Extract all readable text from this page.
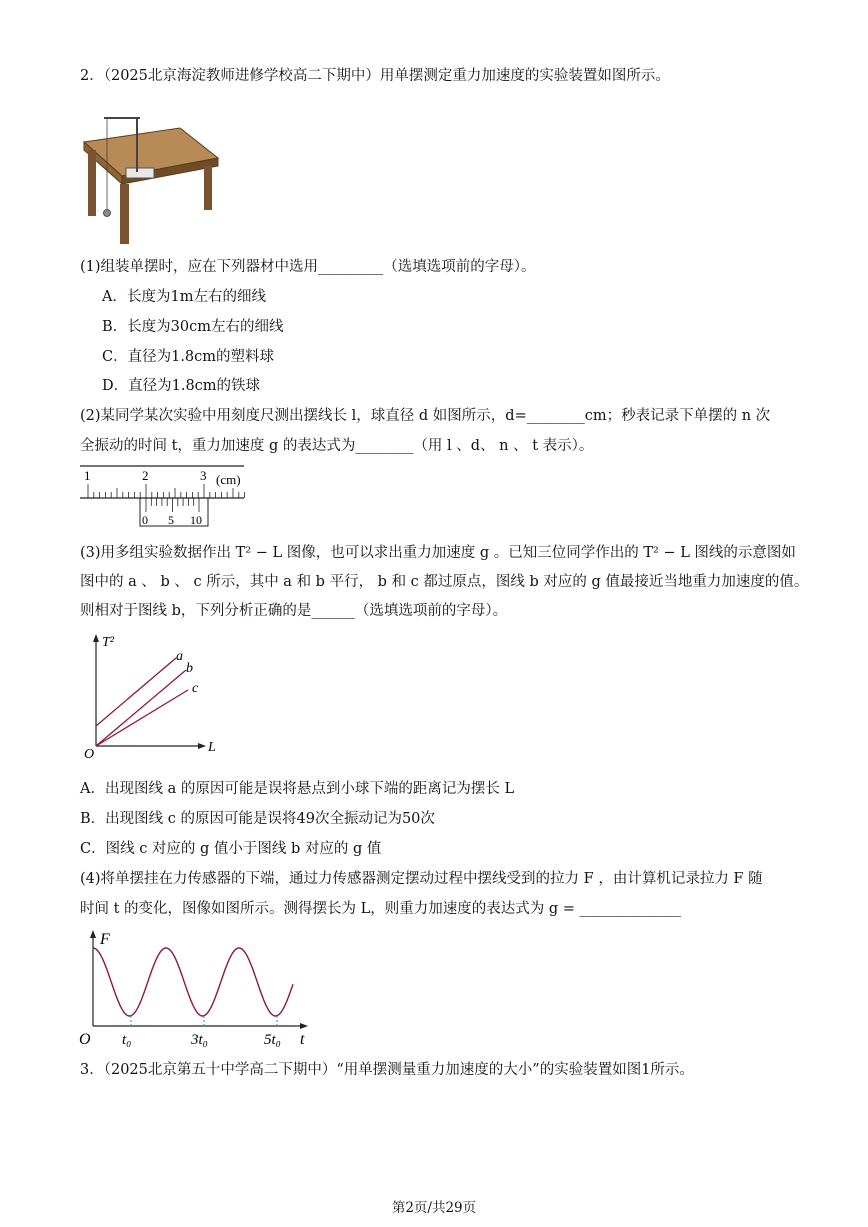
2．（2025北京海淀教师进修学校高二下期中）用单摆测定重力加速度的实验装置如图所示。
(1)组装单摆时，应在下列器材中选用_________（选填选项前的字母）。
A．长度为1m左右的细线
B．长度为30cm左右的细线
C．直径为1.8cm的塑料球
D．直径为1.8cm的铁球
(2)某同学某次实验中用刻度尺测出摆线长 l，球直径 d 如图所示，d=________cm；秒表记录下单摆的 n 次
全振动的时间 t，重力加速度 g 的表达式为________（用 l 、d、 n 、 t 表示）。
1	2	3 (cm)
0 5 10
(3)用多组实验数据作出 T² − L 图像，也可以求出重力加速度 g 。已知三位同学作出的 T² − L 图线的示意图如
图中的 a 、 b 、 c 所示，其中 a 和 b 平行， b 和 c 都过原点，图线 b 对应的 g 值最接近当地重力加速度的值。
则相对于图线 b，下列分析正确的是______（选填选项前的字母）。
T²
L
O
a
b
c
A．出现图线 a 的原因可能是误将悬点到小球下端的距离记为摆长 L
B．出现图线 c 的原因可能是误将49次全振动记为50次
C．图线 c 对应的 g 值小于图线 b 对应的 g 值
(4)将单摆挂在力传感器的下端，通过力传感器测定摆动过程中摆线受到的拉力 F ，由计算机记录拉力 F 随
时间 t 的变化，图像如图所示。测得摆长为 L，则重力加速度的表达式为 g = ______________
F
t
O t₀	3t₀	5t₀
3．（2025北京第五十中学高二下期中）“用单摆测量重力加速度的大小”的实验装置如图1所示。
第2页/共29页
